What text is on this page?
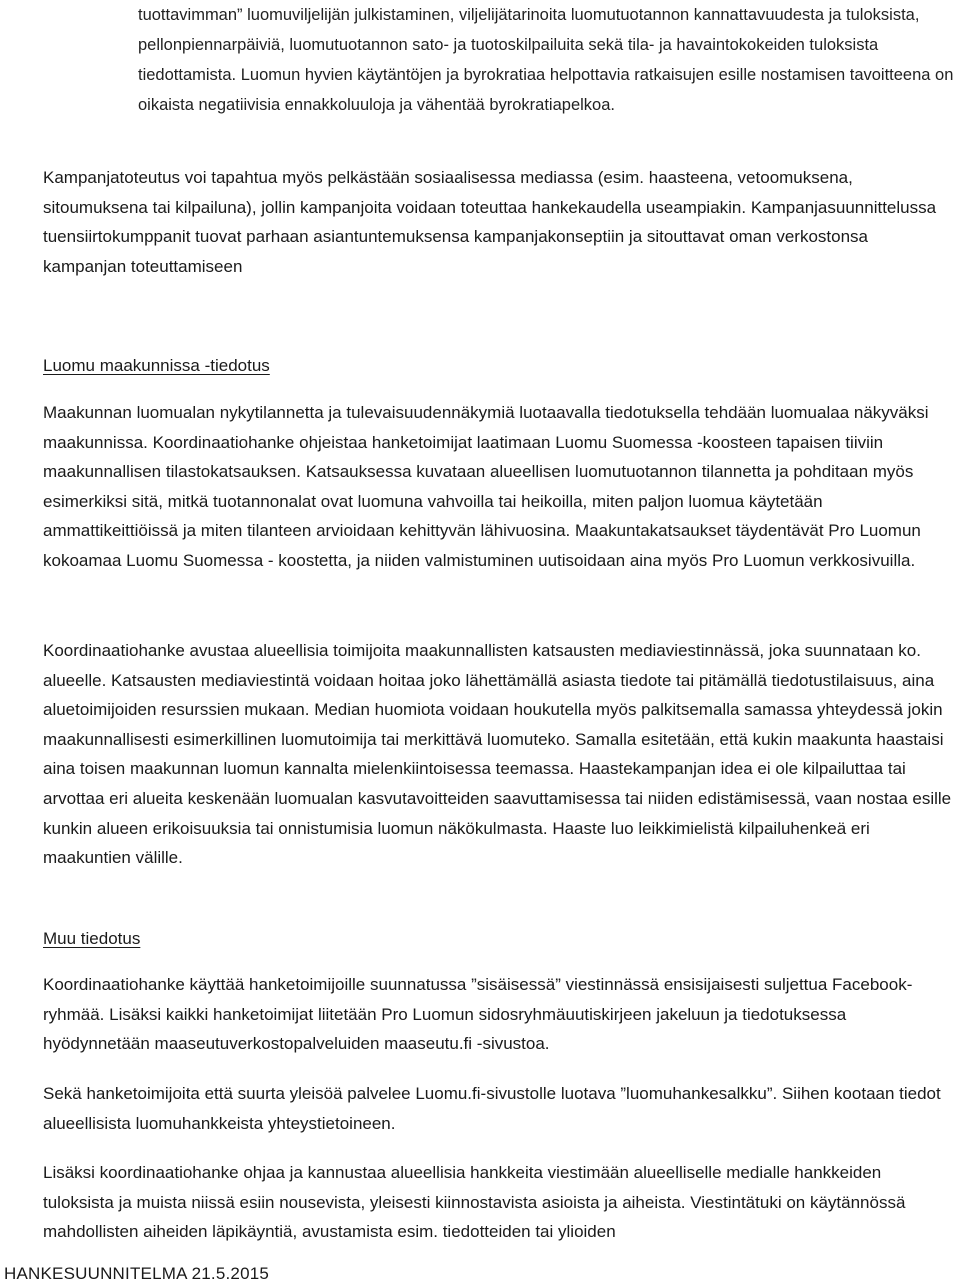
tuottavimman” luomuviljelijän julkistaminen, viljelijätarinoita luomutuotannon kannattavuudesta ja tuloksista, pellonpiennarpäiviä, luomutuotannon sato- ja tuotoskilpailuita sekä tila- ja havaintokokeiden tuloksista tiedottamista. Luomun hyvien käytäntöjen ja byrokratiaa helpottavia ratkaisujen esille nostamisen tavoitteena on oikaista negatiivisia ennakkoluuloja ja vähentää byrokratiapelkoa.

Kampanjatoteutus voi tapahtua myös pelkästään sosiaalisessa mediassa (esim. haasteena, vetoomuksena, sitoumuksena tai kilpailuna), jollin kampanjoita voidaan toteuttaa hankekaudella useampiakin. Kampanjasuunnittelussa tuensiirtokumppanit tuovat parhaan asiantuntemuksensa kampanjakonseptiin ja sitouttavat oman verkostonsa kampanjan toteuttamiseen

Luomu maakunnissa -tiedotus

Maakunnan luomualan nykytilannetta ja tulevaisuudennäkymiä luotaavalla tiedotuksella tehdään luomualaa näkyväksi maakunnissa. Koordinaatiohanke ohjeistaa hanketoimijat laatimaan Luomu Suomessa -koosteen tapaisen tiiviin maakunnallisen tilastokatsauksen. Katsauksessa kuvataan alueellisen luomutuotannon tilannetta ja pohditaan myös esimerkiksi sitä, mitkä tuotannonalat ovat luomuna vahvoilla tai heikoilla, miten paljon luomua käytetään ammattikeittiöissä ja miten tilanteen arvioidaan kehittyvän lähivuosina. Maakuntakatsaukset täydentävät Pro Luomun kokoamaa Luomu Suomessa - koostetta, ja niiden valmistuminen uutisoidaan aina myös Pro Luomun verkkosivuilla.

Koordinaatiohanke avustaa alueellisia toimijoita maakunnallisten katsausten mediaviestinnässä, joka suunnataan ko. alueelle. Katsausten mediaviestintä voidaan hoitaa joko lähettämällä asiasta tiedote tai pitämällä tiedotustilaisuus, aina aluetoimijoiden resurssien mukaan. Median huomiota voidaan houkutella myös palkitsemalla samassa yhteydessä jokin maakunnallisesti esimerkillinen luomutoimija tai merkittävä luomuteko. Samalla esitetään, että kukin maakunta haastaisi aina toisen maakunnan luomun kannalta mielenkiintoisessa teemassa. Haastekampanjan idea ei ole kilpailuttaa tai arvottaa eri alueita keskenään luomualan kasvutavoitteiden saavuttamisessa tai niiden edistämisessä, vaan nostaa esille kunkin alueen erikoisuuksia tai onnistumisia luomun näkökulmasta. Haaste luo leikkimielistä kilpailuhenkeä eri maakuntien välille.

Muu tiedotus

Koordinaatiohanke käyttää hanketoimijoille suunnatussa ”sisäisessä” viestinnässä ensisijaisesti suljettua Facebook-ryhmää. Lisäksi kaikki hanketoimijat liitetään Pro Luomun sidosryhmäuutiskirjeen jakeluun ja tiedotuksessa hyödynnetään maaseutuverkostopalveluiden maaseutu.fi -sivustoa.

Sekä hanketoimijoita että suurta yleisöä palvelee Luomu.fi-sivustolle luotava ”luomuhankesalkku”. Siihen kootaan tiedot alueellisista luomuhankkeista yhteystietoineen.

Lisäksi koordinaatiohanke ohjaa ja kannustaa alueellisia hankkeita viestimään alueelliselle medialle hankkeiden tuloksista ja muista niissä esiin nousevista, yleisesti kiinnostavista asioista ja aiheista. Viestintätuki on käytännössä mahdollisten aiheiden läpikäyntiä, avustamista esim. tiedotteiden tai ylioiden

HANKESUUNNITELMA 21.5.2015
